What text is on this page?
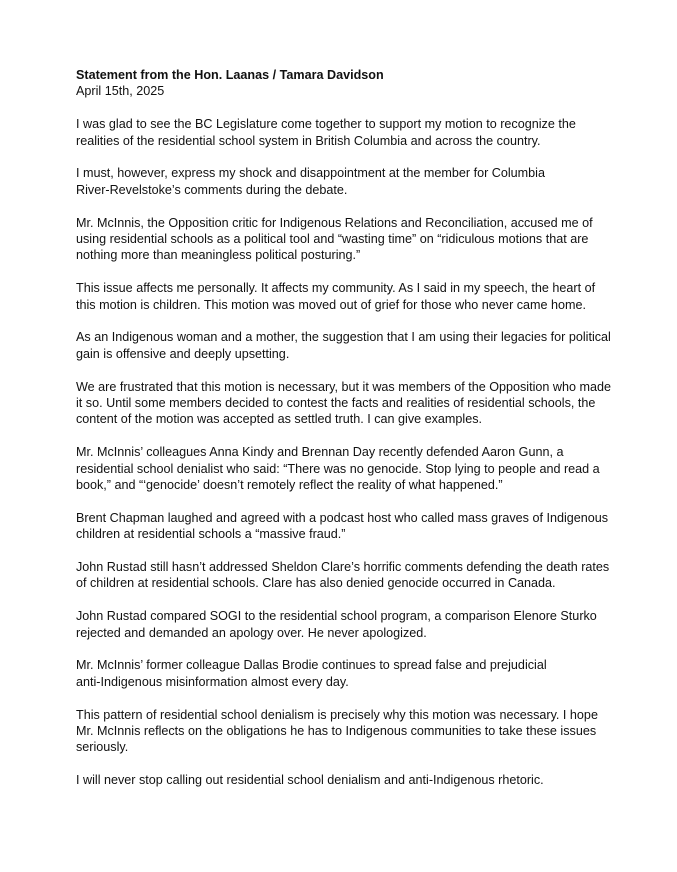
Statement from the Hon. Laanas / Tamara Davidson
April 15th, 2025

I was glad to see the BC Legislature come together to support my motion to recognize the
realities of the residential school system in British Columbia and across the country.

I must, however, express my shock and disappointment at the member for Columbia
River-Revelstoke’s comments during the debate.

Mr. McInnis, the Opposition critic for Indigenous Relations and Reconciliation, accused me of
using residential schools as a political tool and “wasting time” on “ridiculous motions that are
nothing more than meaningless political posturing.”

This issue affects me personally. It affects my community. As I said in my speech, the heart of
this motion is children. This motion was moved out of grief for those who never came home.

As an Indigenous woman and a mother, the suggestion that I am using their legacies for political
gain is offensive and deeply upsetting.

We are frustrated that this motion is necessary, but it was members of the Opposition who made
it so. Until some members decided to contest the facts and realities of residential schools, the
content of the motion was accepted as settled truth. I can give examples.

Mr. McInnis’ colleagues Anna Kindy and Brennan Day recently defended Aaron Gunn, a
residential school denialist who said: “There was no genocide. Stop lying to people and read a
book,” and “‘genocide’ doesn’t remotely reflect the reality of what happened.”

Brent Chapman laughed and agreed with a podcast host who called mass graves of Indigenous
children at residential schools a “massive fraud.”

John Rustad still hasn’t addressed Sheldon Clare’s horrific comments defending the death rates
of children at residential schools. Clare has also denied genocide occurred in Canada.

John Rustad compared SOGI to the residential school program, a comparison Elenore Sturko
rejected and demanded an apology over. He never apologized.

Mr. McInnis’ former colleague Dallas Brodie continues to spread false and prejudicial
anti-Indigenous misinformation almost every day.

This pattern of residential school denialism is precisely why this motion was necessary. I hope
Mr. McInnis reflects on the obligations he has to Indigenous communities to take these issues
seriously.

I will never stop calling out residential school denialism and anti-Indigenous rhetoric.
